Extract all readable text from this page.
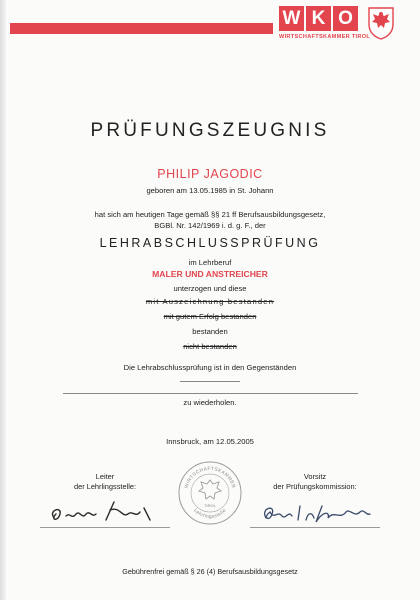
W K O
WIRTSCHAFTSKAMMER TIROL
PRÜFUNGSZEUGNIS
PHILIP JAGODIC
geboren am 13.05.1985 in St. Johann
hat sich am heutigen Tage gemäß §§ 21 ff Berufsausbildungsgesetz,
BGBl. Nr. 142/1969 i. d. g. F., der
LEHRABSCHLUSSPRÜFUNG
im Lehrberuf
MALER UND ANSTREICHER
unterzogen und diese
mit Auszeichnung bestanden
mit gutem Erfolg bestanden
bestanden
nicht bestanden
Die Lehrabschlussprüfung ist in den Gegenständen
zu wiederholen.
Innsbruck, am 12.05.2005
Leiter
der Lehrlingsstelle:
Vorsitz
der Prüfungskommission:
WIRTSCHAFTSKAMMER
Lehrlingsstelle
TIROL
Gebührenfrei gemäß § 26 (4) Berufsausbildungsgesetz
